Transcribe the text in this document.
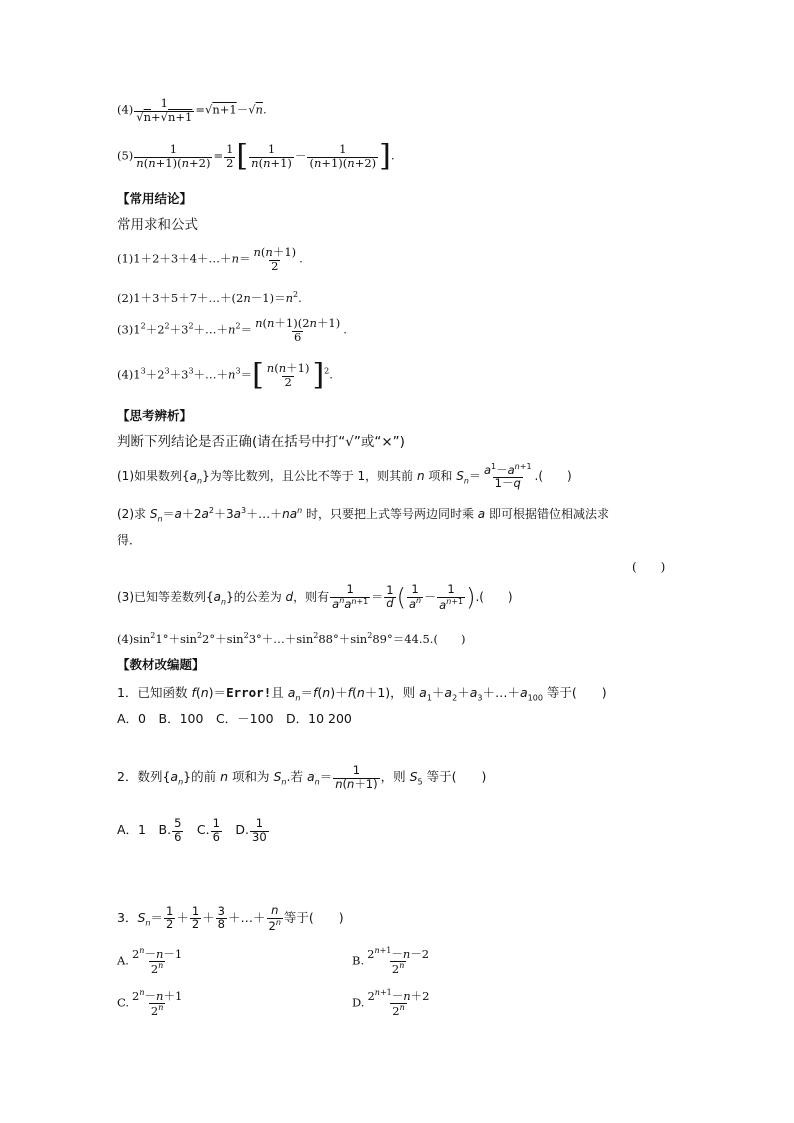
$(4) \frac{1}{√n+√n+1} =√n+1-√n$.
$(5) \frac{1}{n(n+1)(n+2)} = \frac{1}{2}$ [ $\frac{1}{n(n+1)} - \frac{1}{(n+1)(n+2)}$ ].
【常用结论】
常用求和公式
(1)1＋2＋3＋4＋…＋n＝ $\frac{n(n+1)}{2}$ .
$(2)1+3+5+7+\dots+(2n-1)=n^2$.
$(3)1^2+2^2+3^2+\dots+n^2= \frac{n(n+1)(2n+1)}{6}$ .
$(4)1^3+2^3+3^3+\dots+n^3=[ \frac{n(n+1)}{2} ]^2$.
【思考辨析】
判断下列结论是否正确(请在括号中打“√”或“×”)
(1)如果数列$\{a_n\}$为等比数列，且公比不等于 1，则其前 n 项和 $S_n= \frac{a^1-a^{n+1}}{1-q}$ .(　　)
(2)求 $S_n=a+2a^2+3a^3+\dots+na^n$ 时，只要把上式等号两边同时乘 a 即可根据错位相减法求
得．
(　　)
(3)已知等差数列$\{a_n\}$的公差为 d，则有
1
$a^na^{n+1} = \frac{1}{d}$ ( $\frac{1}{a^n} - \frac{1}{a^{n+1}}$ ).(　　)
$(4)\sin^21^\circ+\sin^22^\circ+\sin^23^\circ+\dots+\sin^288^\circ+\sin^289^\circ=44.5$.(　　)
【教材改编题】
1．已知函数 f(n)＝Error!且 $a_n=f(n)+f(n+1)$，则 $a_1+a_2+a_3+\dots+a_{100}$ 等于(　　)
A．0　B．100　C．－100　D．10 200
2．数列$\{a_n\}$的前 n 项和为 $S_n$.若 $a_n= \frac{1}{n(n+1)}$ ，则 $S_5$ 等于(　　)
A．1　B. $\frac{5}{6}$ 　C. $\frac{1}{6}$ 　D. $\frac{1}{30}$
3．$S_n= \frac{1}{2} + \frac{1}{2} + \frac{3}{8}$ ＋…＋ $\frac{n}{2^n}$ 等于(　　)
A. $\frac{2^n-n-1}{2^n}$	B. $\frac{2^{n+1}-n-2}{2^n}$
C. $\frac{2^n-n+1}{2^n}$	D. $\frac{2^{n+1}-n+2}{2^n}$
